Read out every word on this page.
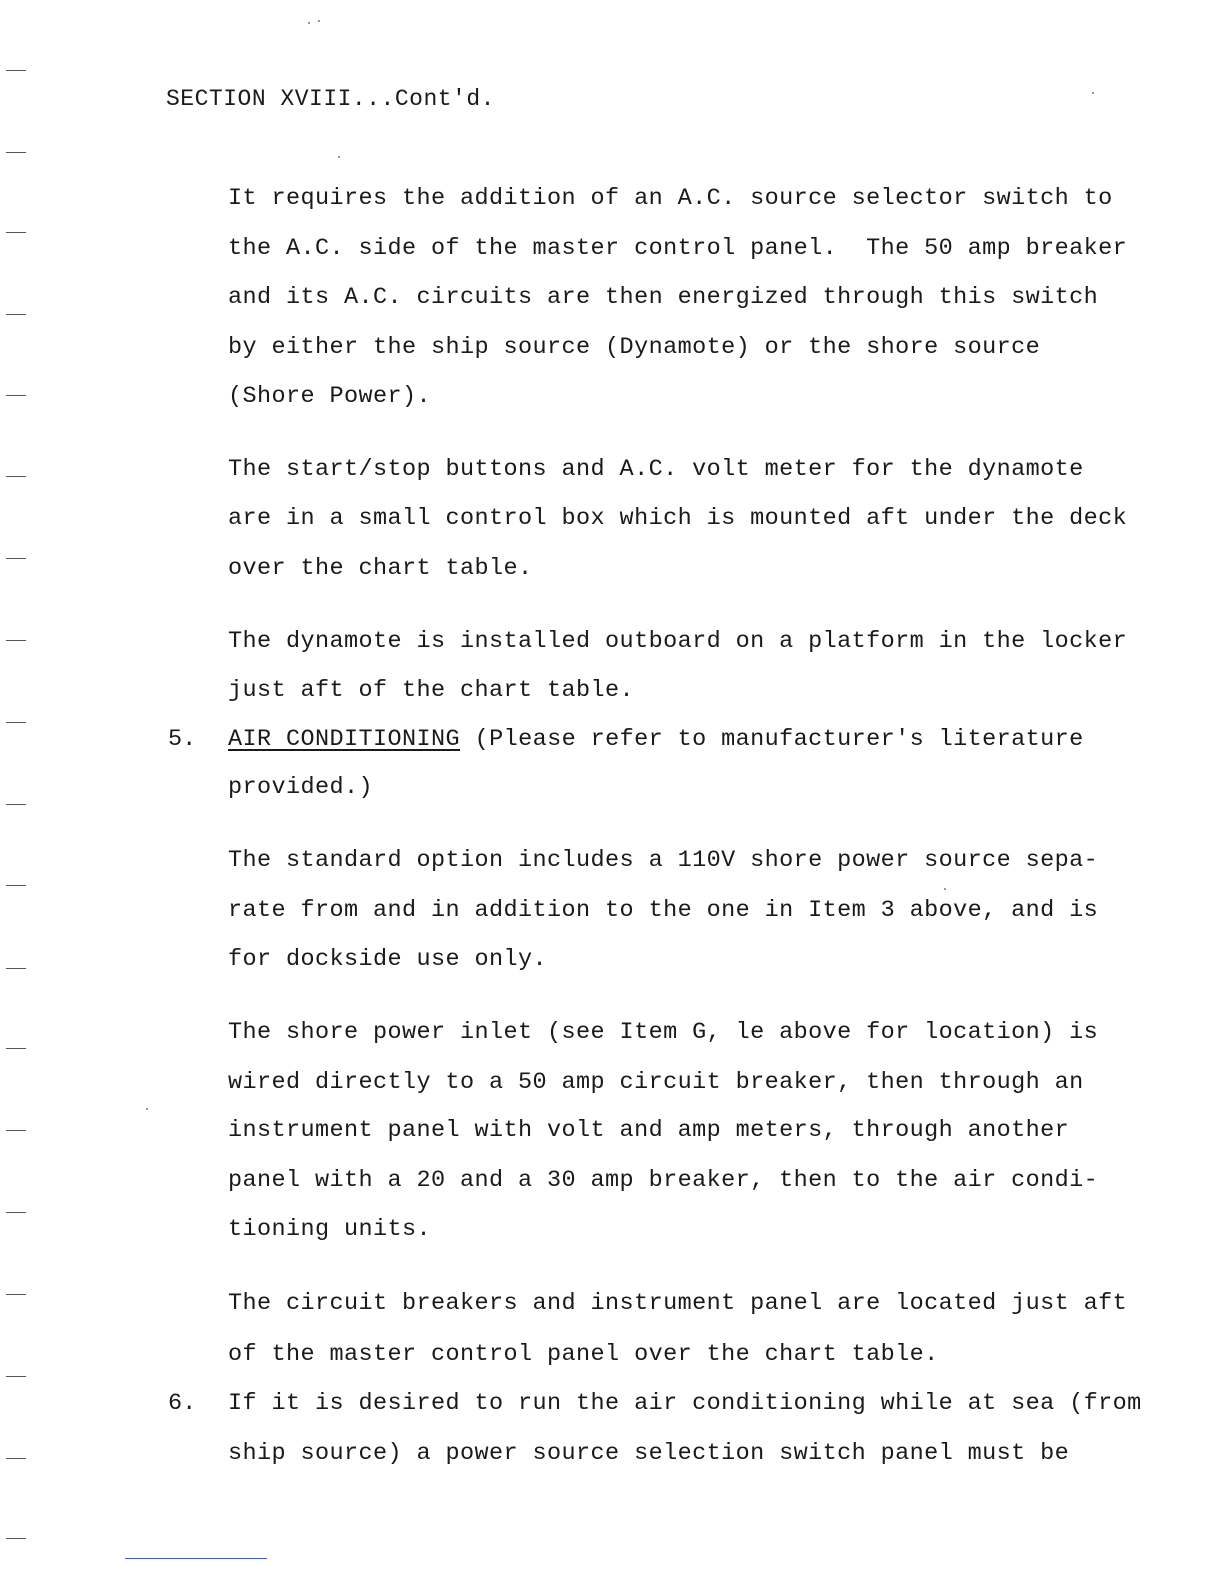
SECTION XVIII...Cont'd.
It requires the addition of an A.C. source selector switch to
the A.C. side of the master control panel.  The 50 amp breaker
and its A.C. circuits are then energized through this switch
by either the ship source (Dynamote) or the shore source
(Shore Power).
The start/stop buttons and A.C. volt meter for the dynamote
are in a small control box which is mounted aft under the deck
over the chart table.
The dynamote is installed outboard on a platform in the locker
just aft of the chart table.
5. AIR CONDITIONING (Please refer to manufacturer's literature
provided.)
The standard option includes a 110V shore power source sepa-
rate from and in addition to the one in Item 3 above, and is
for dockside use only.
The shore power inlet (see Item G, le above for location) is
wired directly to a 50 amp circuit breaker, then through an
instrument panel with volt and amp meters, through another
panel with a 20 and a 30 amp breaker, then to the air condi-
tioning units.
The circuit breakers and instrument panel are located just aft
of the master control panel over the chart table.
6. If it is desired to run the air conditioning while at sea (from
ship source) a power source selection switch panel must be
